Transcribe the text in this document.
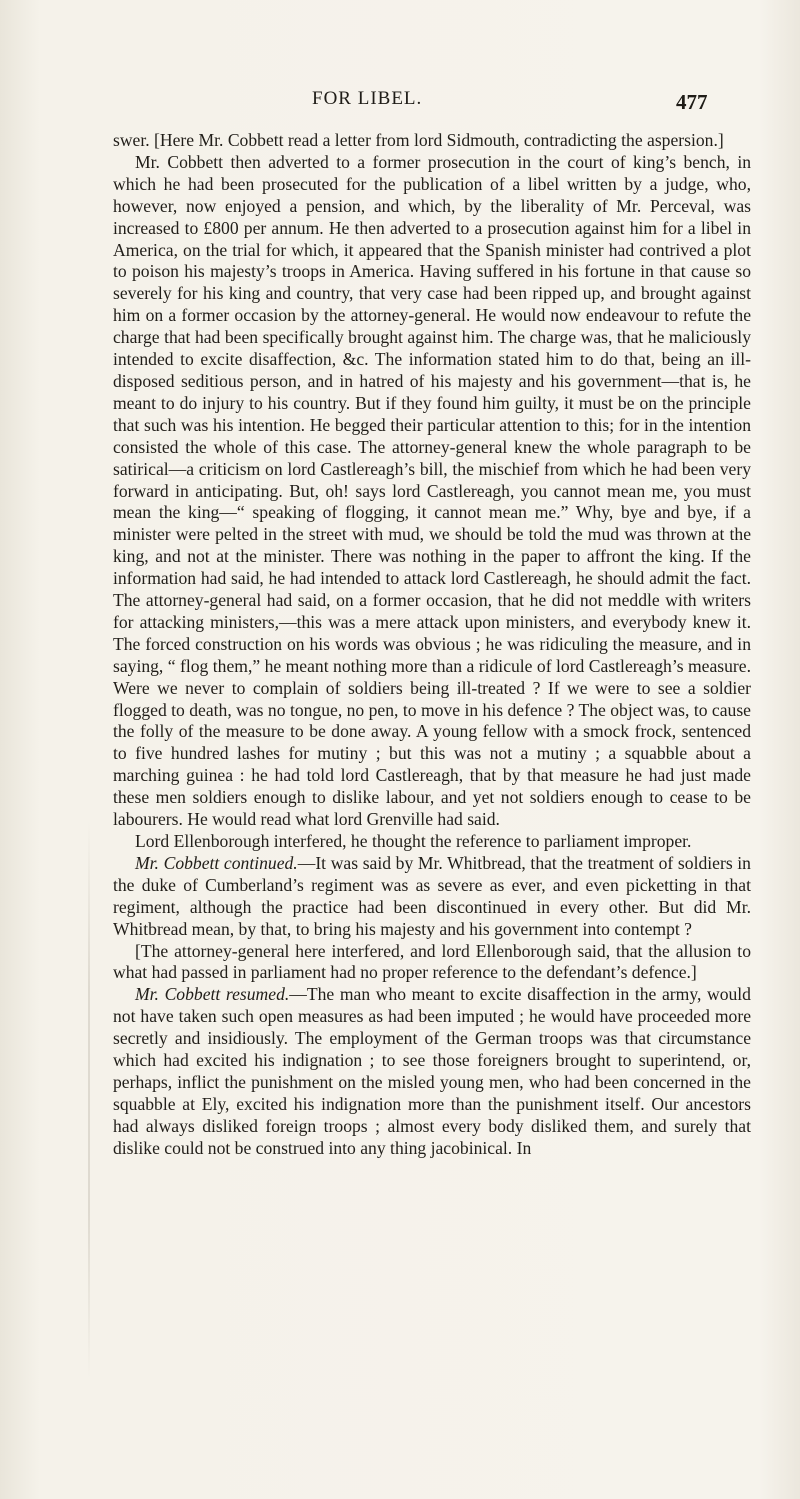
FOR LIBEL.	477

swer. [Here Mr. Cobbett read a letter from lord Sidmouth, contradicting the aspersion.]

Mr. Cobbett then adverted to a former prosecution in the court of king’s bench, in which he had been prosecuted for the publication of a libel written by a judge, who, however, now enjoyed a pension, and which, by the liberality of Mr. Perceval, was increased to £800 per annum. He then adverted to a prosecution against him for a libel in America, on the trial for which, it appeared that the Spanish minister had contrived a plot to poison his majesty’s troops in America. Having suffered in his fortune in that cause so severely for his king and country, that very case had been ripped up, and brought against him on a former occasion by the attorney-general. He would now endeavour to refute the charge that had been specifically brought against him. The charge was, that he maliciously intended to excite disaffection, &c. The information stated him to do that, being an ill-disposed seditious person, and in hatred of his majesty and his government—that is, he meant to do injury to his country. But if they found him guilty, it must be on the principle that such was his intention. He begged their particular attention to this; for in the intention consisted the whole of this case. The attorney-general knew the whole paragraph to be satirical—a criticism on lord Castlereagh’s bill, the mischief from which he had been very forward in anticipating. But, oh! says lord Castlereagh, you cannot mean me, you must mean the king—“ speaking of flogging, it cannot mean me.” Why, bye and bye, if a minister were pelted in the street with mud, we should be told the mud was thrown at the king, and not at the minister. There was nothing in the paper to affront the king. If the information had said, he had intended to attack lord Castlereagh, he should admit the fact. The attorney-general had said, on a former occasion, that he did not meddle with writers for attacking ministers,—this was a mere attack upon ministers, and everybody knew it. The forced construction on his words was obvious ; he was ridiculing the measure, and in saying, “ flog them,” he meant nothing more than a ridicule of lord Castlereagh’s measure. Were we never to complain of soldiers being ill-treated ? If we were to see a soldier flogged to death, was no tongue, no pen, to move in his defence ? The object was, to cause the folly of the measure to be done away. A young fellow with a smock frock, sentenced to five hundred lashes for mutiny ; but this was not a mutiny ; a squabble about a marching guinea : he had told lord Castlereagh, that by that measure he had just made these men soldiers enough to dislike labour, and yet not soldiers enough to cease to be labourers. He would read what lord Grenville had said.

Lord Ellenborough interfered, he thought the reference to parliament improper.

Mr. Cobbett continued.—It was said by Mr. Whitbread, that the treatment of soldiers in the duke of Cumberland’s regiment was as severe as ever, and even picketting in that regiment, although the practice had been discontinued in every other. But did Mr. Whitbread mean, by that, to bring his majesty and his government into contempt ?

[The attorney-general here interfered, and lord Ellenborough said, that the allusion to what had passed in parliament had no proper reference to the defendant’s defence.]

Mr. Cobbett resumed.—The man who meant to excite disaffection in the army, would not have taken such open measures as had been imputed ; he would have proceeded more secretly and insidiously. The employment of the German troops was that circumstance which had excited his indignation ; to see those foreigners brought to superintend, or, perhaps, inflict the punishment on the misled young men, who had been concerned in the squabble at Ely, excited his indignation more than the punishment itself. Our ancestors had always disliked foreign troops ; almost every body disliked them, and surely that dislike could not be construed into any thing jacobinical. In
